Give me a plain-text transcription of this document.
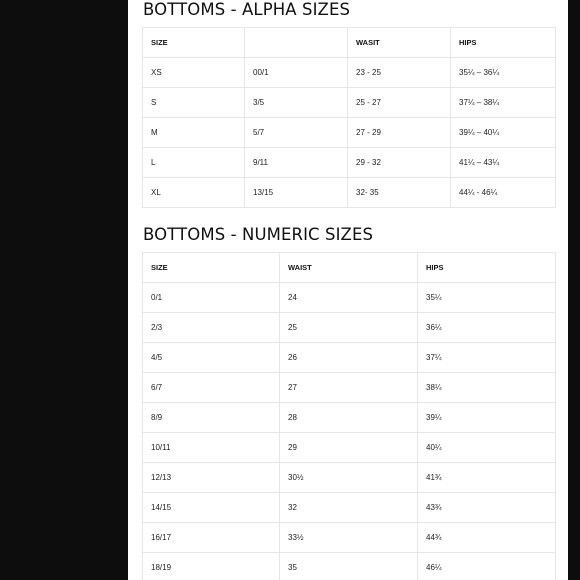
BOTTOMS - ALPHA SIZES
SIZE		WASIT	HIPS
XS	00/1	23 - 25	35¼ – 36¼
S	3/5	25 - 27	37¼ – 38¼
M	5/7	27 - 29	39¼ – 40¼
L	9/11	29 - 32	41¼ – 43¼
XL	13/15	32- 35	44¼ - 46¼
BOTTOMS - NUMERIC SIZES
SIZE	WAIST	HIPS
0/1	24	35¼
2/3	25	36¼
4/5	26	37¼
6/7	27	38¼
8/9	28	39¼
10/11	29	40¼
12/13	30½	41¾
14/15	32	43¾
16/17	33½	44¾
18/19	35	46¼
